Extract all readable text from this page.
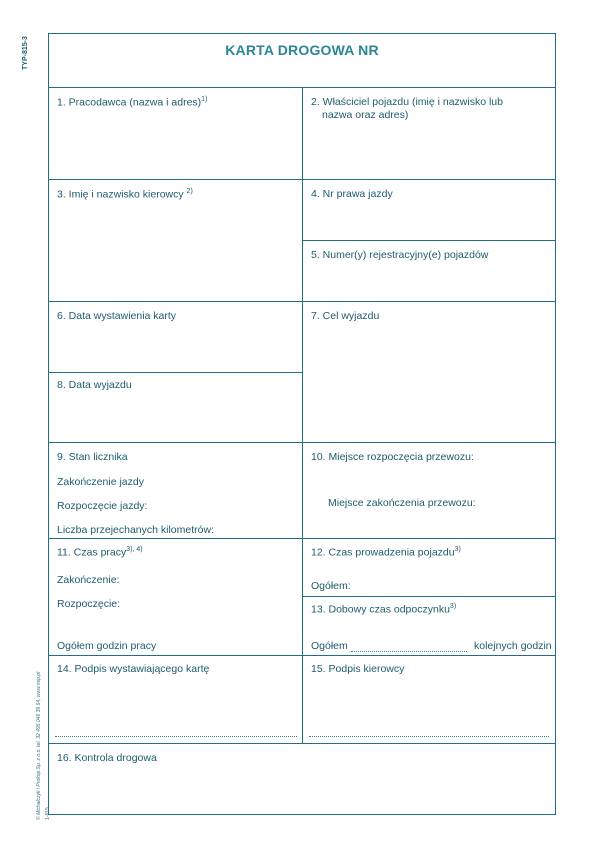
TYP-815-3
© Michalczyk i Prokop Sp. z o.o. tel. 32 495 046 39 54, www.mip.pl 1-815
KARTA DROGOWA NR
1. Pracodawca (nazwa i adres)$^{1)}$	2. Właściciel pojazdu (imię i nazwisko lub
nazwa oraz adres)
3. Imię i nazwisko kierowcy $^{2)}$	4. Nr prawa jazdy
5. Numer(y) rejestracyjny(e) pojazdów
6. Data wystawienia karty
8. Data wyjazdu
7. Cel wyjazdu
9. Stan licznika
Zakończenie jazdy
Rozpoczęcie jazdy:
Liczba przejechanych kilometrów:
10. Miejsce rozpoczęcia przewozu:
Miejsce zakończenia przewozu:
11. Czas pracy$^{3), 4)}$
Zakończenie:
Rozpoczęcie:
Ogółem godzin pracy
12. Czas prowadzenia pojazdu$^{3)}$
Ogółem:
13. Dobowy czas odpoczynku$^{3)}$
Ogółem	kolejnych godzin
14. Podpis wystawiającego kartę	15. Podpis kierowcy
16. Kontrola drogowa
